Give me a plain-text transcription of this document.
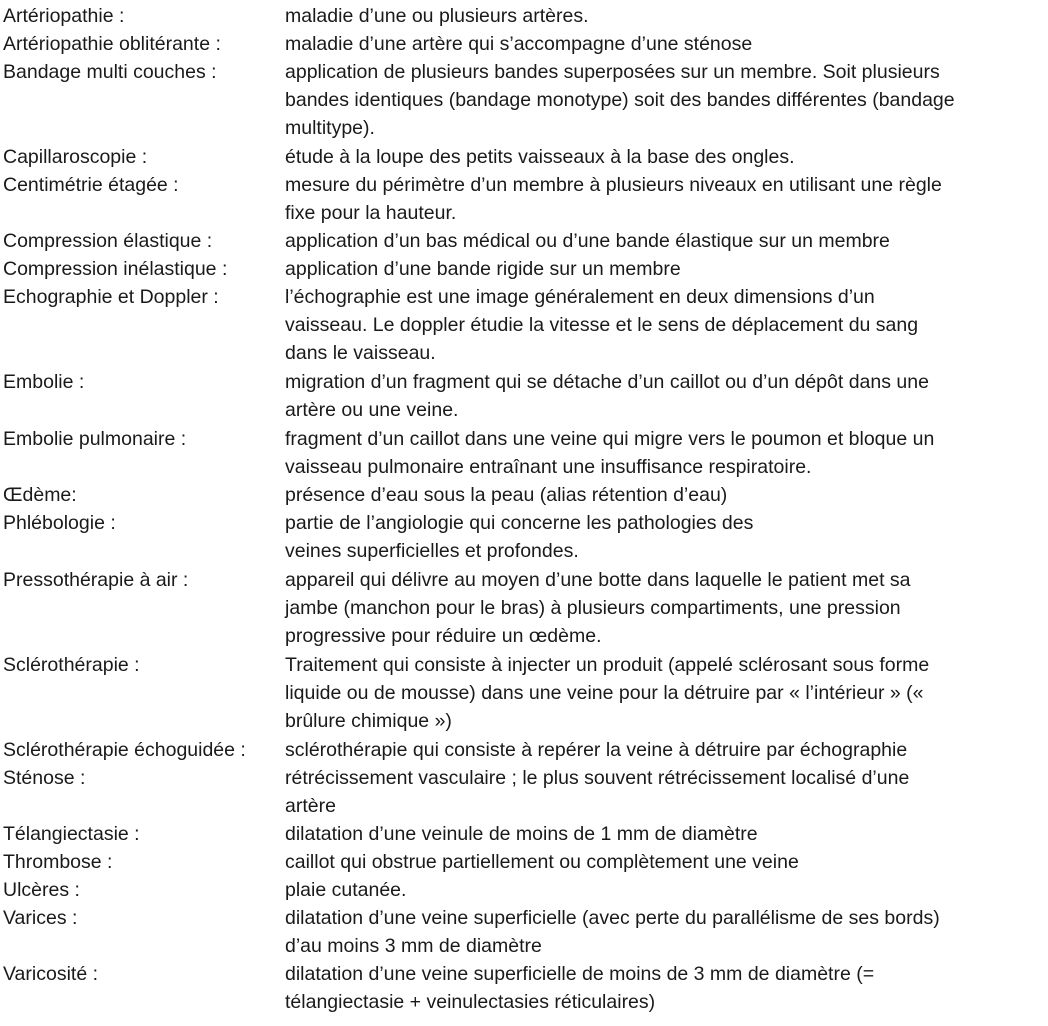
Artériopathie :	maladie d’une ou plusieurs artères.
Artériopathie oblitérante :	maladie d’une artère qui s’accompagne d’une sténose
Bandage multi couches :	application de plusieurs bandes superposées sur un membre. Soit plusieurs
bandes identiques (bandage monotype) soit des bandes différentes (bandage
multitype).
Capillaroscopie :	étude à la loupe des petits vaisseaux à la base des ongles.
Centimétrie étagée :	mesure du périmètre d’un membre à plusieurs niveaux en utilisant une règle
fixe pour la hauteur.
Compression élastique :	application d’un bas médical ou d’une bande élastique sur un membre
Compression inélastique :	application d’une bande rigide sur un membre
Echographie et Doppler :	l’échographie est une image généralement en deux dimensions d’un
vaisseau. Le doppler étudie la vitesse et le sens de déplacement du sang
dans le vaisseau.
Embolie :	migration d’un fragment qui se détache d’un caillot ou d’un dépôt dans une
artère ou une veine.
Embolie pulmonaire :	fragment d’un caillot dans une veine qui migre vers le poumon et bloque un
vaisseau pulmonaire entraînant une insuffisance respiratoire.
Œdème:	présence d’eau sous la peau (alias rétention d’eau)
Phlébologie :	partie de l’angiologie qui concerne les pathologies des
veines superficielles et profondes.
Pressothérapie à air :	appareil qui délivre au moyen d’une botte dans laquelle le patient met sa
jambe (manchon pour le bras) à plusieurs compartiments, une pression
progressive pour réduire un œdème.
Sclérothérapie :	Traitement qui consiste à injecter un produit (appelé sclérosant sous forme
liquide ou de mousse) dans une veine pour la détruire par « l’intérieur » («
brûlure chimique »)
Sclérothérapie échoguidée :	sclérothérapie qui consiste à repérer la veine à détruire par échographie
Sténose :	rétrécissement vasculaire ; le plus souvent rétrécissement localisé d’une
artère
Télangiectasie :	dilatation d’une veinule de moins de 1 mm de diamètre
Thrombose :	caillot qui obstrue partiellement ou complètement une veine
Ulcères :	plaie cutanée.
Varices :	dilatation d’une veine superficielle (avec perte du parallélisme de ses bords)
d’au moins 3 mm de diamètre
Varicosité :	dilatation d’une veine superficielle de moins de 3 mm de diamètre (=
télangiectasie + veinulectasies réticulaires)
